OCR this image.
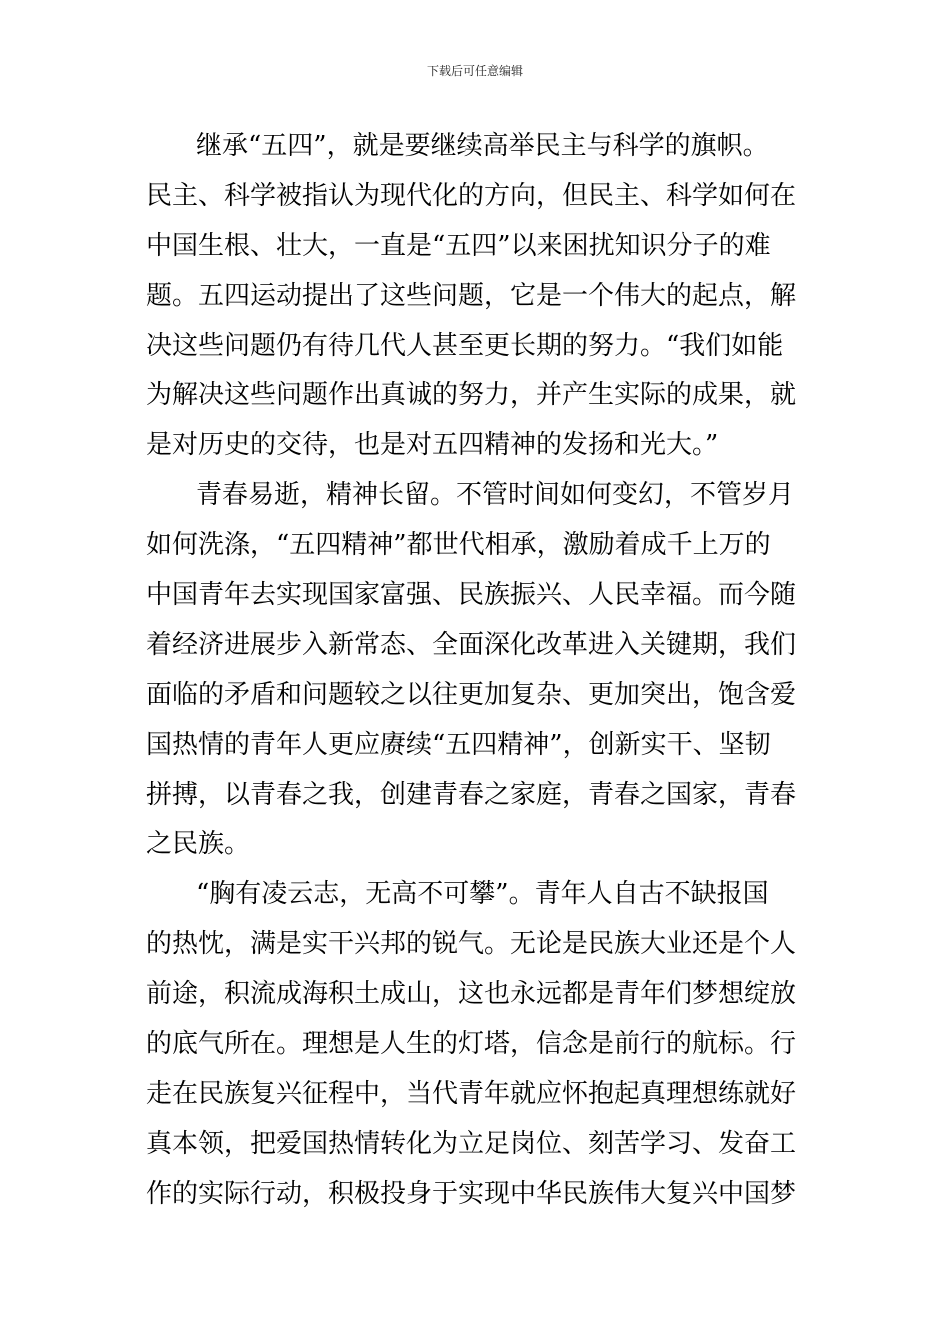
下载后可任意编辑
继承“五四”，就是要继续高举民主与科学的旗帜。
民主、科学被指认为现代化的方向，但民主、科学如何在
中国生根、壮大，一直是“五四”以来困扰知识分子的难
题。五四运动提出了这些问题，它是一个伟大的起点，解
决这些问题仍有待几代人甚至更长期的努力。“我们如能
为解决这些问题作出真诚的努力，并产生实际的成果，就
是对历史的交待，也是对五四精神的发扬和光大。”
青春易逝，精神长留。不管时间如何变幻，不管岁月
如何洗涤，“五四精神”都世代相承，激励着成千上万的
中国青年去实现国家富强、民族振兴、人民幸福。而今随
着经济进展步入新常态、全面深化改革进入关键期，我们
面临的矛盾和问题较之以往更加复杂、更加突出，饱含爱
国热情的青年人更应赓续“五四精神”，创新实干、坚韧
拼搏，以青春之我，创建青春之家庭，青春之国家，青春
之民族。
“胸有凌云志，无高不可攀”。青年人自古不缺报国
的热忱，满是实干兴邦的锐气。无论是民族大业还是个人
前途，积流成海积土成山，这也永远都是青年们梦想绽放
的底气所在。理想是人生的灯塔，信念是前行的航标。行
走在民族复兴征程中，当代青年就应怀抱起真理想练就好
真本领，把爱国热情转化为立足岗位、刻苦学习、发奋工
作的实际行动，积极投身于实现中华民族伟大复兴中国梦
